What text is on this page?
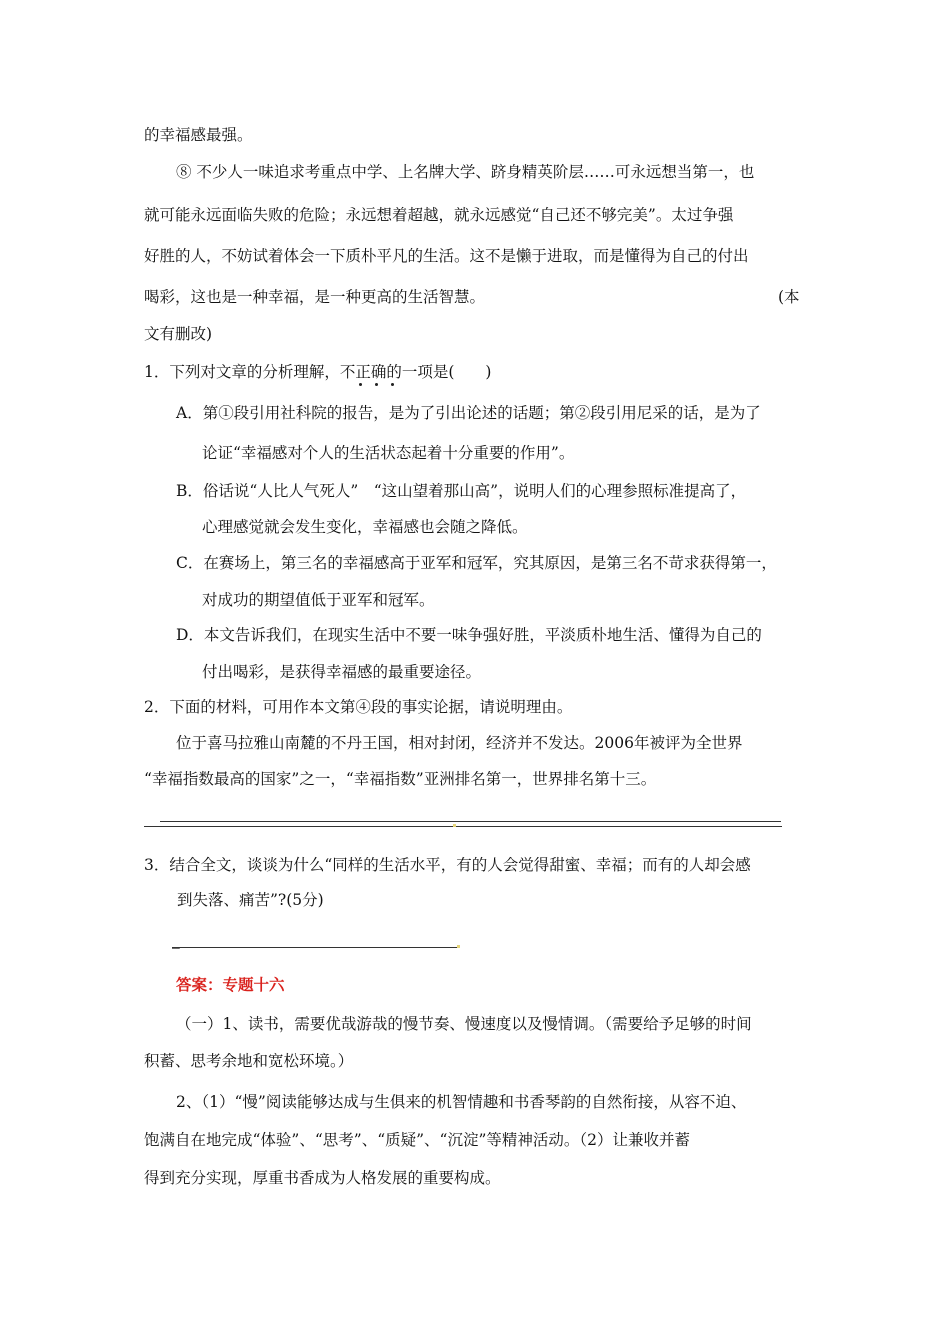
的幸福感最强。
⑧ 不少人一味追求考重点中学、上名牌大学、跻身精英阶层……可永远想当第一，也
就可能永远面临失败的危险；永远想着超越，就永远感觉“自己还不够完美”。太过争强
好胜的人，不妨试着体会一下质朴平凡的生活。这不是懒于进取，而是懂得为自己的付出
喝彩，这也是一种幸福，是一种更高的生活智慧。	(本
文有删改)
1．下列对文章的分析理解，不正确的一项是(　　)
A．第①段引用社科院的报告，是为了引出论述的话题；第②段引用尼采的话，是为了
论证“幸福感对个人的生活状态起着十分重要的作用”。
B．俗话说“人比人气死人”　“这山望着那山高”，说明人们的心理参照标准提高了，
心理感觉就会发生变化，幸福感也会随之降低。
C．在赛场上，第三名的幸福感高于亚军和冠军，究其原因，是第三名不苛求获得第一，
对成功的期望值低于亚军和冠军。
D．本文告诉我们，在现实生活中不要一味争强好胜，平淡质朴地生活、懂得为自己的
付出喝彩，是获得幸福感的最重要途径。
2．下面的材料，可用作本文第④段的事实论据，请说明理由。
位于喜马拉雅山南麓的不丹王国，相对封闭，经济并不发达。2006年被评为全世界
“幸福指数最高的国家”之一，“幸福指数”亚洲排名第一，世界排名第十三。
3．结合全文，谈谈为什么“同样的生活水平，有的人会觉得甜蜜、幸福；而有的人却会感
到失落、痛苦”?(5分)
_
答案：专题十六
（一）1、读书，需要优哉游哉的慢节奏、慢速度以及慢情调。（需要给予足够的时间
积蓄、思考余地和宽松环境。）
2、（1）“慢”阅读能够达成与生俱来的机智情趣和书香琴韵的自然衔接，从容不迫、
饱满自在地完成“体验”、“思考”、“质疑”、“沉淀”等精神活动。（2）让兼收并蓄
得到充分实现，厚重书香成为人格发展的重要构成。
